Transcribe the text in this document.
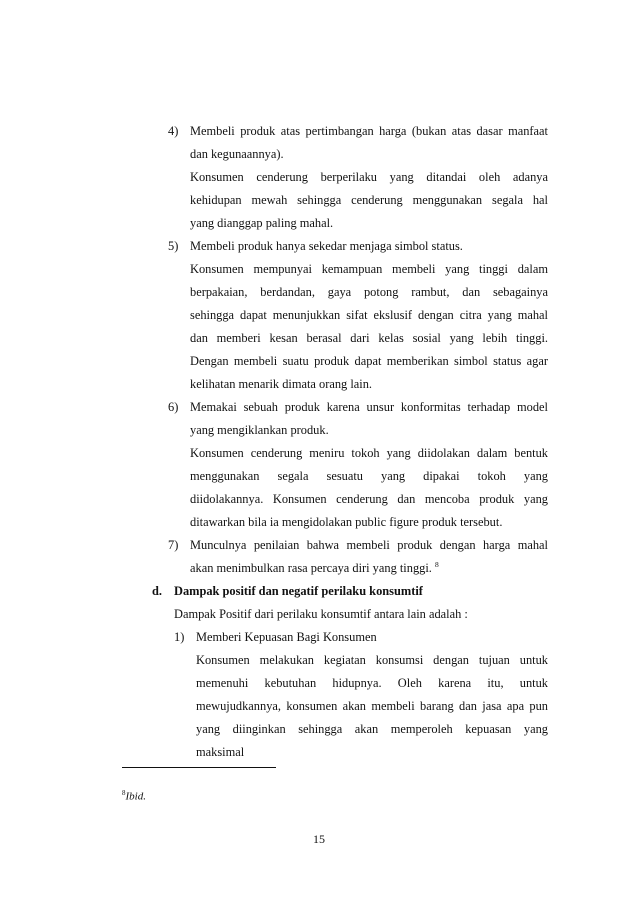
4) Membeli produk atas pertimbangan harga (bukan atas dasar manfaat

dan kegunaannya).

Konsumen cenderung berperilaku yang ditandai oleh adanya

kehidupan mewah sehingga cenderung menggunakan segala hal

yang dianggap paling mahal.

5) Membeli produk hanya sekedar menjaga simbol status.

Konsumen mempunyai kemampuan membeli yang tinggi dalam

berpakaian, berdandan, gaya potong rambut, dan sebagainya

sehingga dapat menunjukkan sifat ekslusif dengan citra yang mahal

dan memberi kesan berasal dari kelas sosial yang lebih tinggi.

Dengan membeli suatu produk dapat memberikan simbol status agar

kelihatan menarik dimata orang lain.

6) Memakai sebuah produk karena unsur konformitas terhadap model

yang mengiklankan produk.

Konsumen cenderung meniru tokoh yang diidolakan dalam bentuk

menggunakan segala sesuatu yang dipakai tokoh yang

diidolakannya. Konsumen cenderung dan mencoba produk yang

ditawarkan bila ia mengidolakan public figure produk tersebut.

7) Munculnya penilaian bahwa membeli produk dengan harga mahal

akan menimbulkan rasa percaya diri yang tinggi. $^8$

d. Dampak positif dan negatif perilaku konsumtif

Dampak Positif dari perilaku konsumtif antara lain adalah :

1) Memberi Kepuasan Bagi Konsumen

Konsumen melakukan kegiatan konsumsi dengan tujuan untuk

memenuhi kebutuhan hidupnya. Oleh karena itu, untuk

mewujudkannya, konsumen akan membeli barang dan jasa apa pun

yang diinginkan sehingga akan memperoleh kepuasan yang

maksimal

$^8$Ibid.
15
